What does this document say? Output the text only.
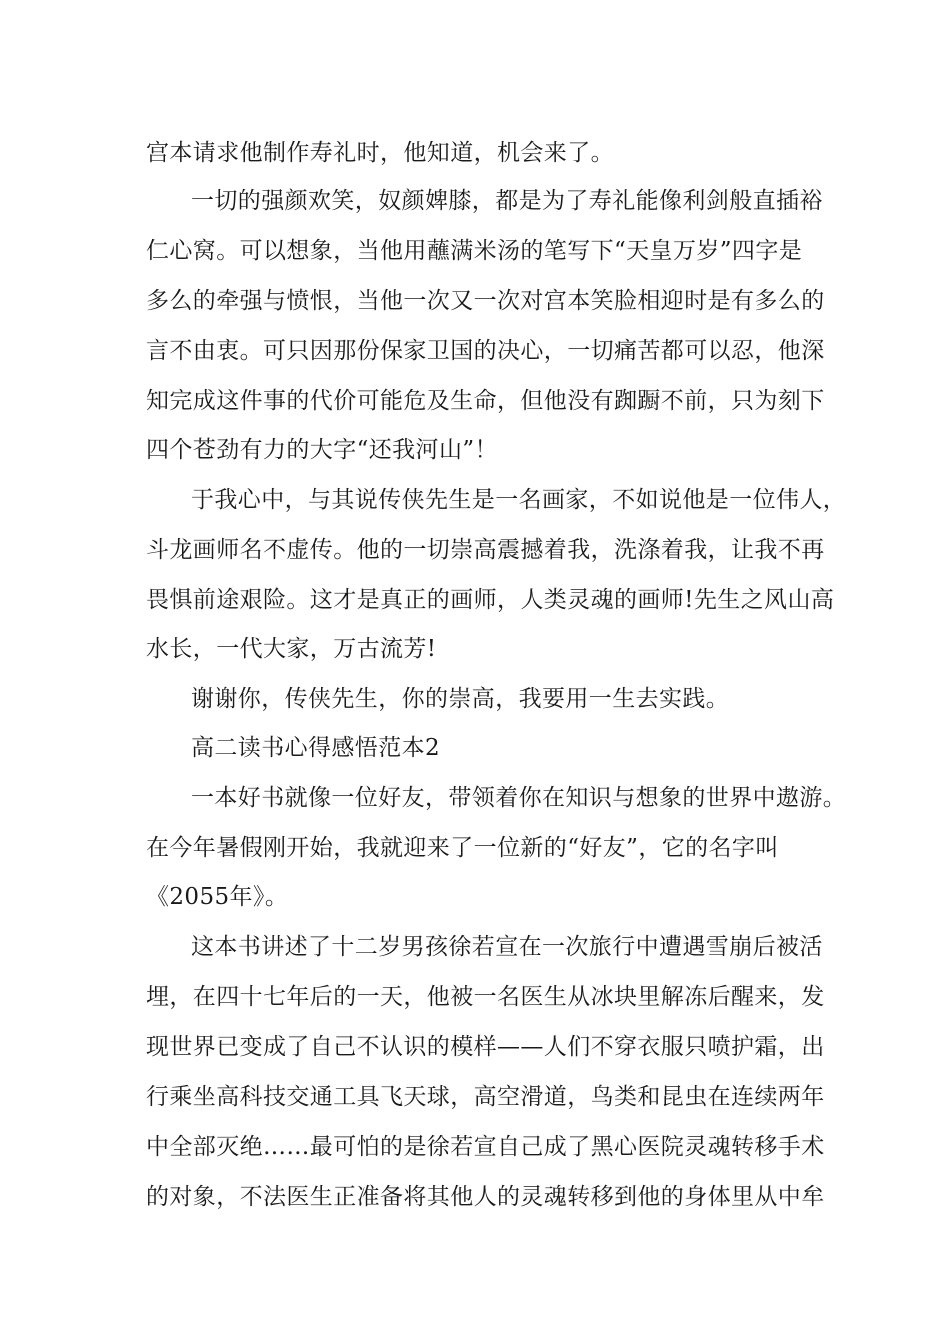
宫本请求他制作寿礼时，他知道，机会来了。
一切的强颜欢笑，奴颜婢膝，都是为了寿礼能像利剑般直插裕
仁心窝。可以想象，当他用蘸满米汤的笔写下“天皇万岁”四字是
多么的牵强与愤恨，当他一次又一次对宫本笑脸相迎时是有多么的
言不由衷。可只因那份保家卫国的决心，一切痛苦都可以忍，他深
知完成这件事的代价可能危及生命，但他没有踟蹰不前，只为刻下
四个苍劲有力的大字“还我河山”！
于我心中，与其说传侠先生是一名画家，不如说他是一位伟人，
斗龙画师名不虚传。他的一切崇高震撼着我，洗涤着我，让我不再
畏惧前途艰险。这才是真正的画师，人类灵魂的画师!先生之风山高
水长，一代大家，万古流芳!
谢谢你，传侠先生，你的崇高，我要用一生去实践。
高二读书心得感悟范本2
一本好书就像一位好友，带领着你在知识与想象的世界中遨游。
在今年暑假刚开始，我就迎来了一位新的“好友”，它的名字叫
《2055年》。
这本书讲述了十二岁男孩徐若宣在一次旅行中遭遇雪崩后被活
埋，在四十七年后的一天，他被一名医生从冰块里解冻后醒来，发
现世界已变成了自己不认识的模样——人们不穿衣服只喷护霜，出
行乘坐高科技交通工具飞天球，高空滑道，鸟类和昆虫在连续两年
中全部灭绝……最可怕的是徐若宣自己成了黑心医院灵魂转移手术
的对象，不法医生正准备将其他人的灵魂转移到他的身体里从中牟
